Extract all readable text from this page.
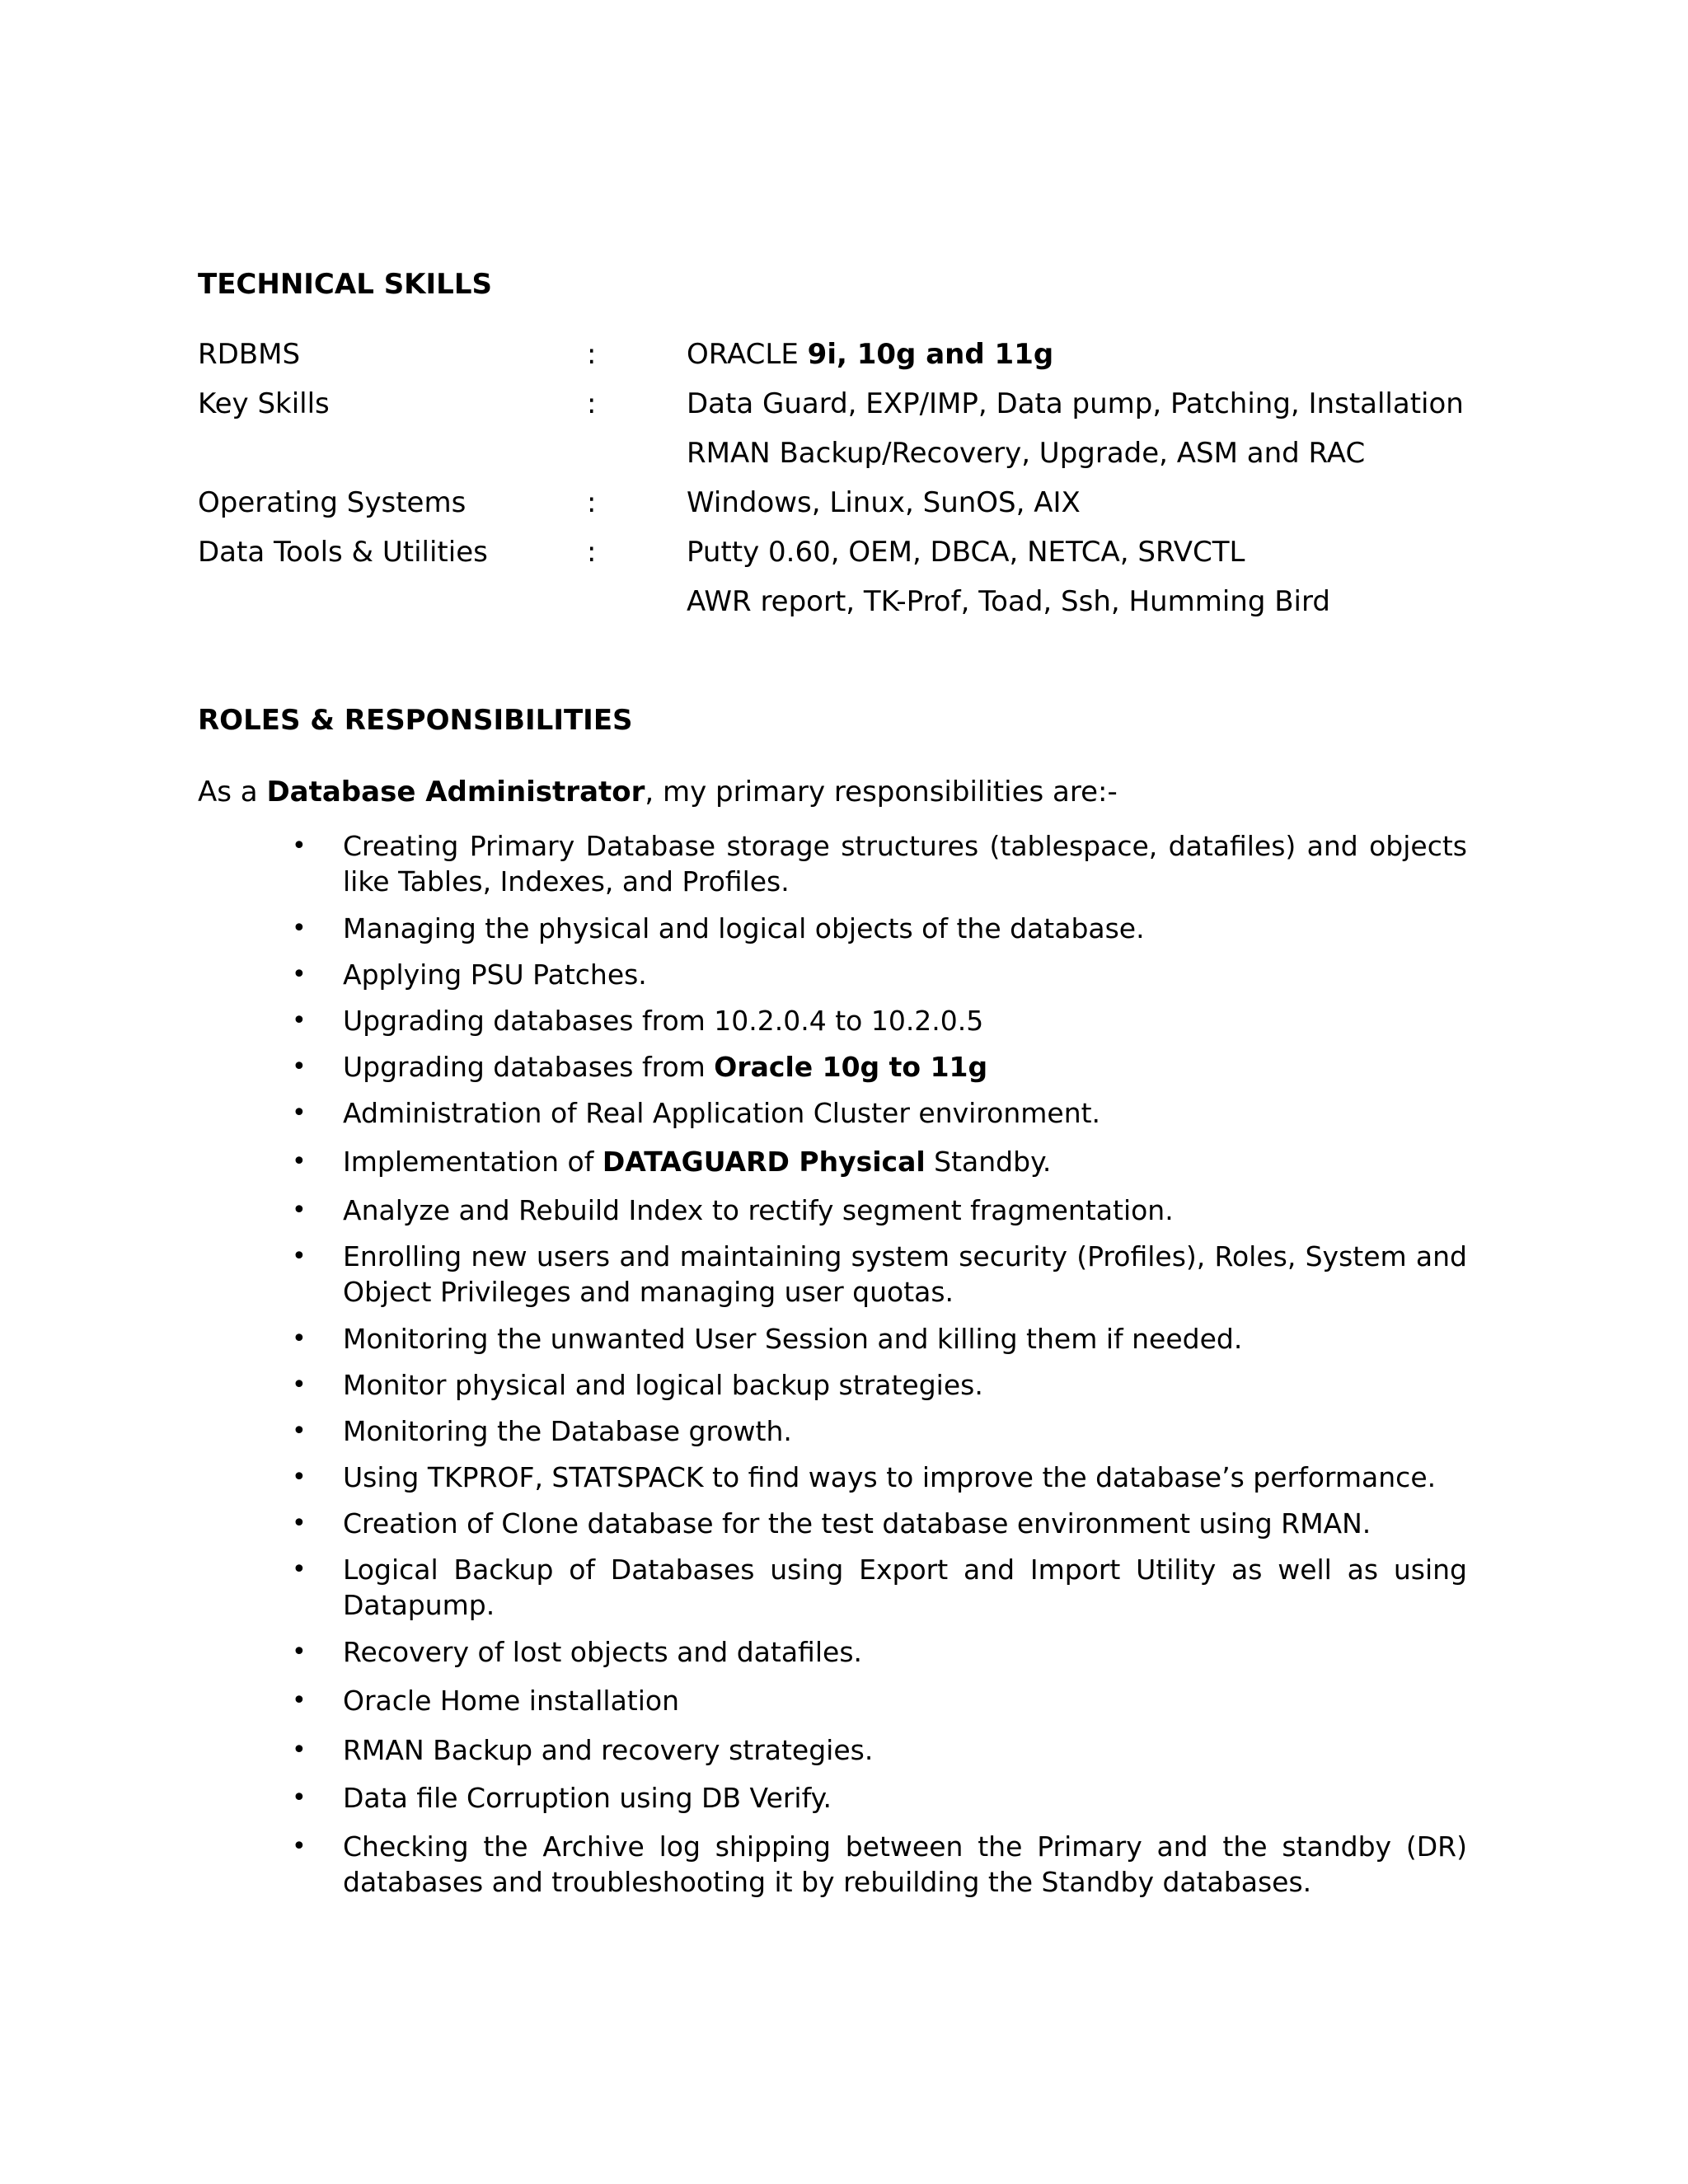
TECHNICAL SKILLS
RDBMS	:	ORACLE 9i, 10g and 11g
Key Skills	:	Data Guard, EXP/IMP, Data pump, Patching, Installation
RMAN Backup/Recovery, Upgrade, ASM and RAC
Operating Systems	:	Windows, Linux, SunOS, AIX
Data Tools & Utilities	:	Putty 0.60, OEM, DBCA, NETCA, SRVCTL
AWR report, TK-Prof, Toad, Ssh, Humming Bird
ROLES & RESPONSIBILITIES
As a Database Administrator, my primary responsibilities are:-
• Creating Primary Database storage structures (tablespace, datafiles) and objects like Tables, Indexes, and Profiles.
• Managing the physical and logical objects of the database.
• Applying PSU Patches.
• Upgrading databases from 10.2.0.4 to 10.2.0.5
• Upgrading databases from Oracle 10g to 11g
• Administration of Real Application Cluster environment.
• Implementation of DATAGUARD Physical Standby.
• Analyze and Rebuild Index to rectify segment fragmentation.
• Enrolling new users and maintaining system security (Profiles), Roles, System and Object Privileges and managing user quotas.
• Monitoring the unwanted User Session and killing them if needed.
• Monitor physical and logical backup strategies.
• Monitoring the Database growth.
• Using TKPROF, STATSPACK to find ways to improve the database’s performance.
• Creation of Clone database for the test database environment using RMAN.
• Logical Backup of Databases using Export and Import Utility as well as using Datapump.
• Recovery of lost objects and datafiles.
• Oracle Home installation
• RMAN Backup and recovery strategies.
• Data file Corruption using DB Verify.
• Checking the Archive log shipping between the Primary and the standby (DR) databases and troubleshooting it by rebuilding the Standby databases.
